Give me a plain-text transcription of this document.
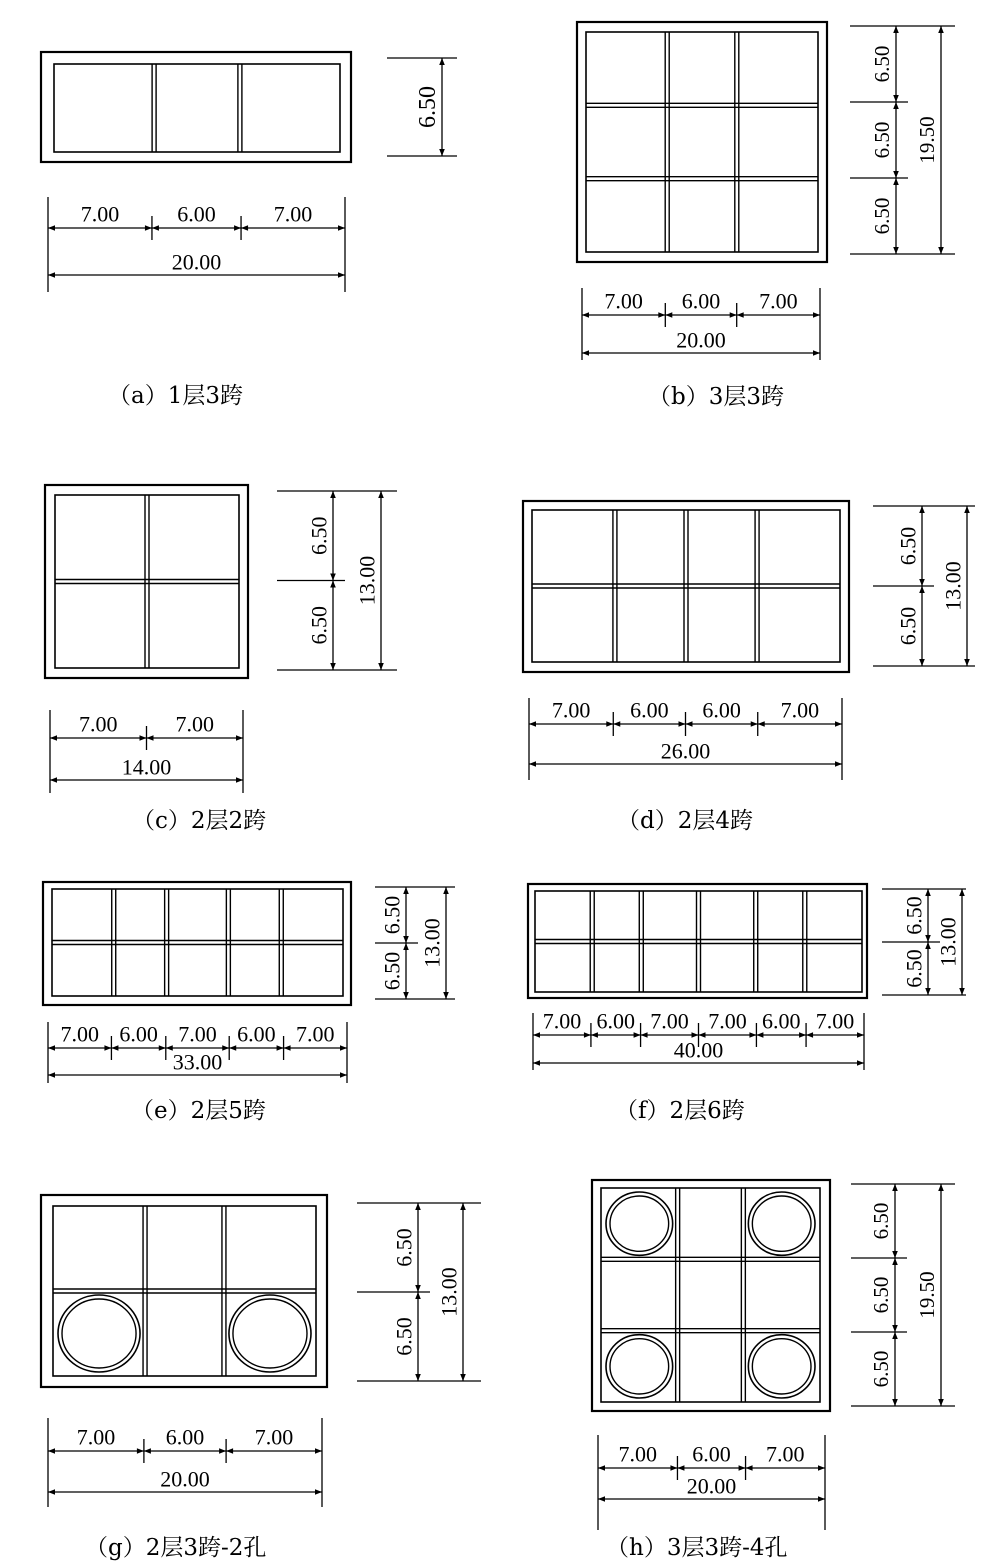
7.00	6.00	7.00
20.00
6.50
7.00 6.00 7.00
20.00
6.50
6.50
6.50
19.50
7.00	7.00
14.00
6.50
6.50
13.00
7.00 6.00 6.00 7.00
26.00
6.50
6.50
13.00
7.00 6.00 7.00 6.00 7.00
33.00
6.50
6.50
13.00
7.00 6.00 7.00 7.00 6.00 7.00
40.00
6.50
6.50
13.00
7.00 6.00 7.00
20.00
6.50
6.50
13.00
7.00 6.00 7.00
20.00
6.50
6.50
6.50
19.50
（a）1层3跨	（b）3层3跨
（c）2层2跨	（d）2层4跨
（e）2层5跨	（f）2层6跨
（g）2层3跨-2孔	（h）3层3跨-4孔
